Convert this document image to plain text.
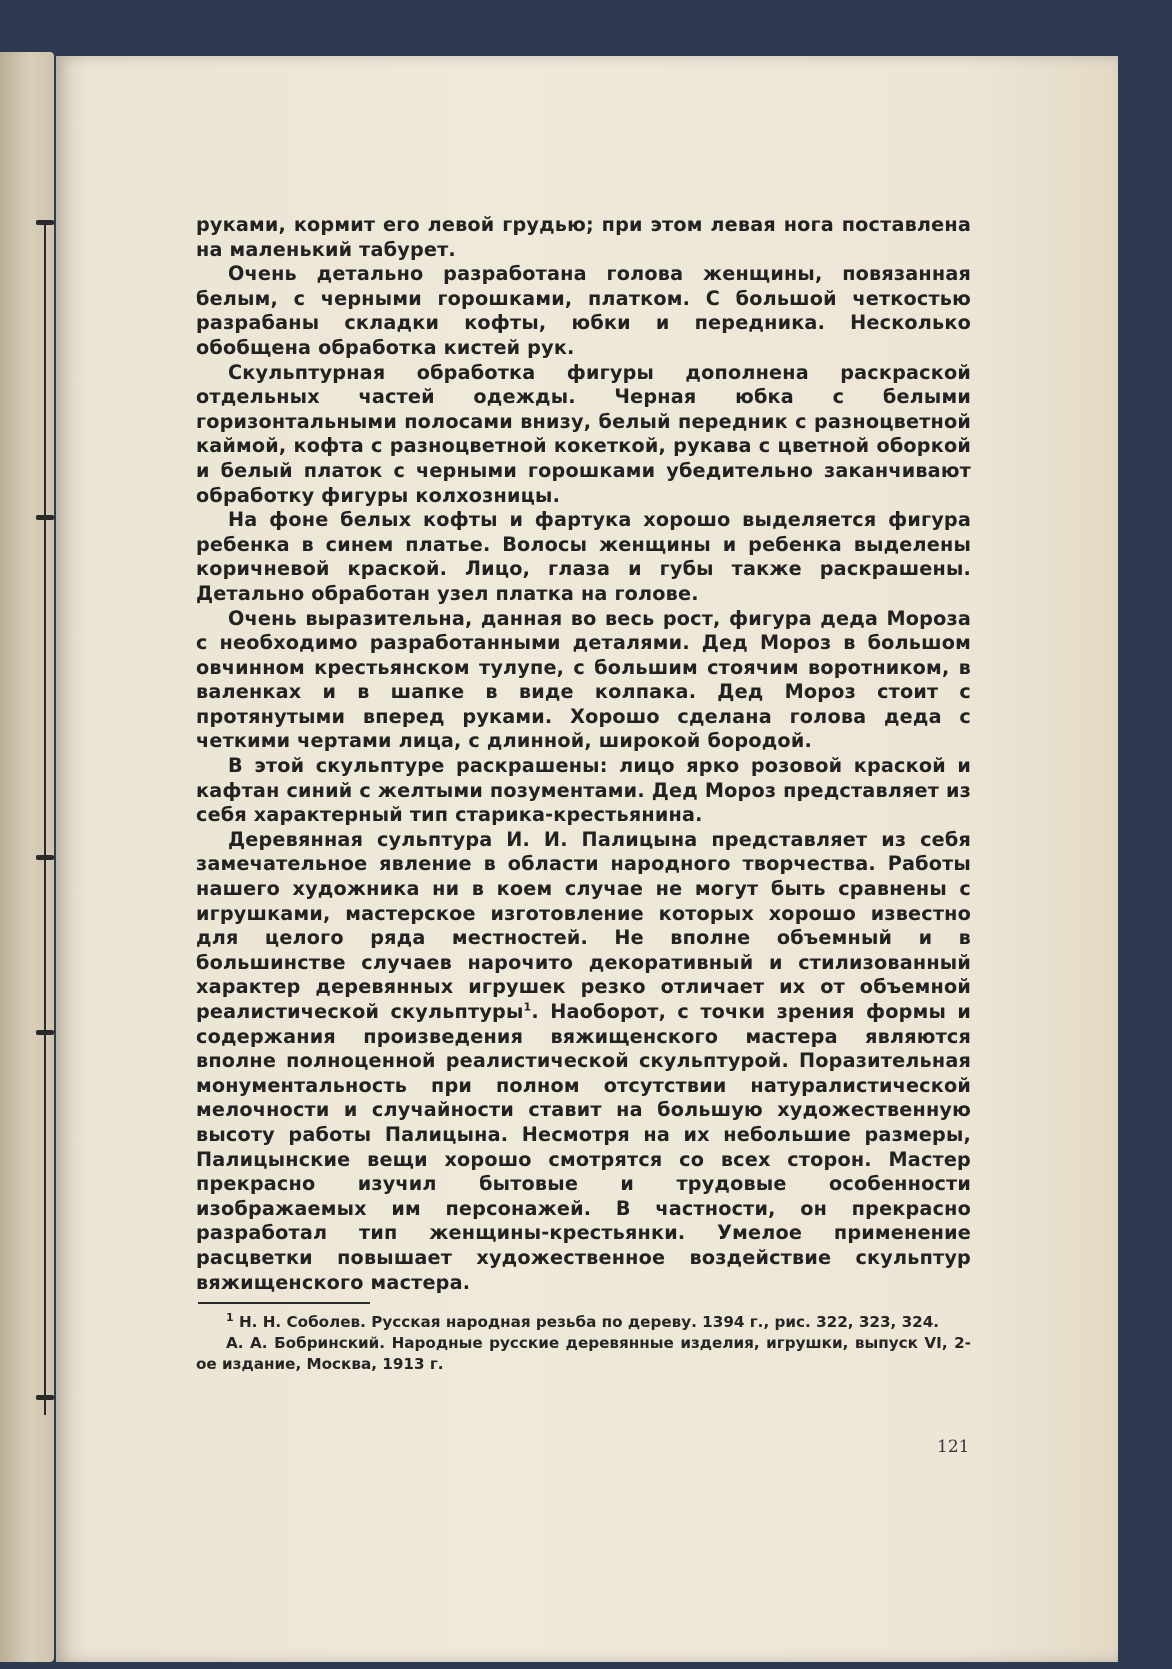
руками, кормит его левой грудью; при этом левая нога поставлена на маленький табурет.

Очень детально разработана голова женщины, повязанная белым, с черными горошками, платком. С большой четкостью разрабаны складки кофты, юбки и передника. Несколько обобщена обработка кистей рук.

Скульптурная обработка фигуры дополнена раскраской отдельных частей одежды. Черная юбка с белыми горизонтальными полосами внизу, белый передник с разноцветной каймой, кофта с разноцветной кокеткой, рукава с цветной оборкой и белый платок с черными горошками убедительно заканчивают обработку фигуры колхозницы.

На фоне белых кофты и фартука хорошо выделяется фигура ребенка в синем платье. Волосы женщины и ребенка выделены коричневой краской. Лицо, глаза и губы также раскрашены. Детально обработан узел платка на голове.

Очень выразительна, данная во весь рост, фигура деда Мороза с необходимо разработанными деталями. Дед Мороз в большом овчинном крестьянском тулупе, с большим стоячим воротником, в валенках и в шапке в виде колпака. Дед Мороз стоит с протянутыми вперед руками. Хорошо сделана голова деда с четкими чертами лица, с длинной, широкой бородой.

В этой скульптуре раскрашены: лицо ярко розовой краской и кафтан синий с желтыми позументами. Дед Мороз представляет из себя характерный тип старика-крестьянина.

Деревянная сульптура И. И. Палицына представляет из себя замечательное явление в области народного творчества. Работы нашего художника ни в коем случае не могут быть сравнены с игрушками, мастерское изготовление которых хорошо известно для целого ряда местностей. Не вполне объемный и в большинстве случаев нарочито декоративный и стилизованный характер деревянных игрушек резко отличает их от объемной реалистической скульптуры$^1$. Наоборот, с точки зрения формы и содержания произведения вяжищенского мастера являются вполне полноценной реалистической скульптурой. Поразительная монументальность при полном отсутствии натуралистической мелочности и случайности ставит на большую художественную высоту работы Палицына. Несмотря на их небольшие размеры, Палицынские вещи хорошо смотрятся со всех сторон. Мастер прекрасно изучил бытовые и трудовые особенности изображаемых им персонажей. В частности, он прекрасно разработал тип женщины-крестьянки. Умелое применение расцветки повышает художественное воздействие скульптур вяжищенского мастера.

$^1$ Н. Н. Соболев. Русская народная резьба по дереву. 1394 г., рис. 322, 323, 324.

А. А. Бобринский. Народные русские деревянные изделия, игрушки, выпуск VI, 2-ое издание, Москва, 1913 г.

121
